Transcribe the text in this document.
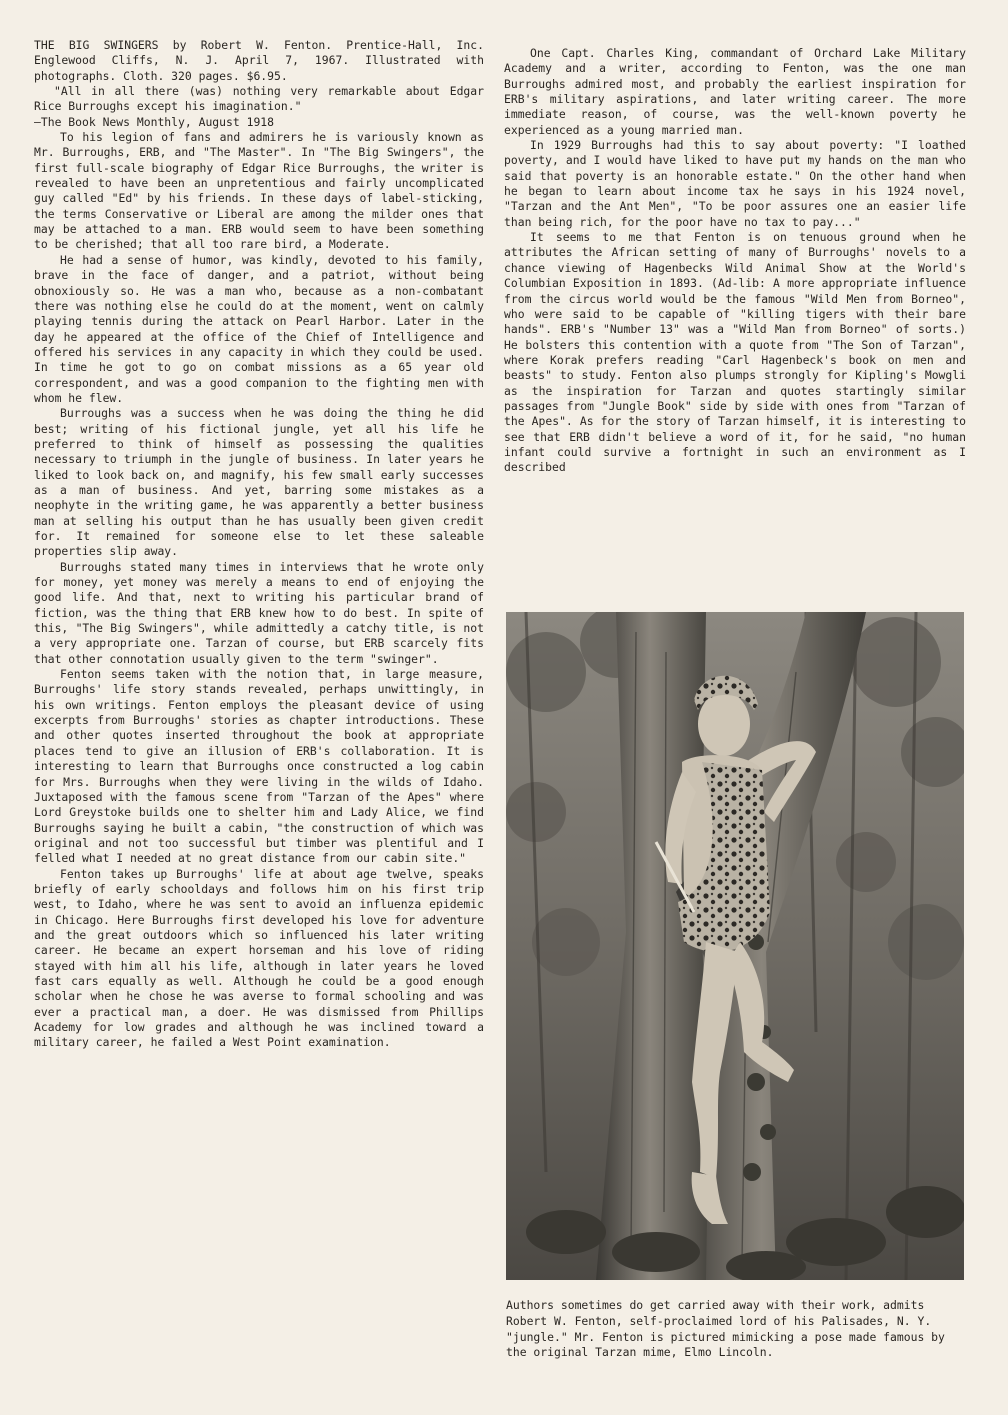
THE BIG SWINGERS by Robert W. Fenton. Prentice-Hall, Inc. Englewood Cliffs, N. J. April 7, 1967. Illustrated with photographs. Cloth. 320 pages. $6.95.

"All in all there (was) nothing very remarkable about Edgar Rice Burroughs except his imagination."

—The Book News Monthly, August 1918

To his legion of fans and admirers he is variously known as Mr. Burroughs, ERB, and "The Master". In "The Big Swingers", the first full-scale biography of Edgar Rice Burroughs, the writer is revealed to have been an unpretentious and fairly uncomplicated guy called "Ed" by his friends. In these days of label-sticking, the terms Conservative or Liberal are among the milder ones that may be attached to a man. ERB would seem to have been something to be cherished; that all too rare bird, a Moderate.

He had a sense of humor, was kindly, devoted to his family, brave in the face of danger, and a patriot, without being obnoxiously so. He was a man who, because as a non-combatant there was nothing else he could do at the moment, went on calmly playing tennis during the attack on Pearl Harbor. Later in the day he appeared at the office of the Chief of Intelligence and offered his services in any capacity in which they could be used. In time he got to go on combat missions as a 65 year old correspondent, and was a good companion to the fighting men with whom he flew.

Burroughs was a success when he was doing the thing he did best; writing of his fictional jungle, yet all his life he preferred to think of himself as possessing the qualities necessary to triumph in the jungle of business. In later years he liked to look back on, and magnify, his few small early successes as a man of business. And yet, barring some mistakes as a neophyte in the writing game, he was apparently a better business man at selling his output than he has usually been given credit for. It remained for someone else to let these saleable properties slip away.

Burroughs stated many times in interviews that he wrote only for money, yet money was merely a means to end of enjoying the good life. And that, next to writing his particular brand of fiction, was the thing that ERB knew how to do best. In spite of this, "The Big Swingers", while admittedly a catchy title, is not a very appropriate one. Tarzan of course, but ERB scarcely fits that other connotation usually given to the term "swinger".

Fenton seems taken with the notion that, in large measure, Burroughs' life story stands revealed, perhaps unwittingly, in his own writings. Fenton employs the pleasant device of using excerpts from Burroughs' stories as chapter introductions. These and other quotes inserted throughout the book at appropriate places tend to give an illusion of ERB's collaboration. It is interesting to learn that Burroughs once constructed a log cabin for Mrs. Burroughs when they were living in the wilds of Idaho. Juxtaposed with the famous scene from "Tarzan of the Apes" where Lord Greystoke builds one to shelter him and Lady Alice, we find Burroughs saying he built a cabin, "the construction of which was original and not too successful but timber was plentiful and I felled what I needed at no great distance from our cabin site."

Fenton takes up Burroughs' life at about age twelve, speaks briefly of early schooldays and follows him on his first trip west, to Idaho, where he was sent to avoid an influenza epidemic in Chicago. Here Burroughs first developed his love for adventure and the great outdoors which so influenced his later writing career. He became an expert horseman and his love of riding stayed with him all his life, although in later years he loved fast cars equally as well. Although he could be a good enough scholar when he chose he was averse to formal schooling and was ever a practical man, a doer. He was dismissed from Phillips Academy for low grades and although he was inclined toward a military career, he failed a West Point examination.

One Capt. Charles King, commandant of Orchard Lake Military Academy and a writer, according to Fenton, was the one man Burroughs admired most, and probably the earliest inspiration for ERB's military aspirations, and later writing career. The more immediate reason, of course, was the well-known poverty he experienced as a young married man.

In 1929 Burroughs had this to say about poverty: "I loathed poverty, and I would have liked to have put my hands on the man who said that poverty is an honorable estate." On the other hand when he began to learn about income tax he says in his 1924 novel, "Tarzan and the Ant Men", "To be poor assures one an easier life than being rich, for the poor have no tax to pay..."

It seems to me that Fenton is on tenuous ground when he attributes the African setting of many of Burroughs' novels to a chance viewing of Hagenbecks Wild Animal Show at the World's Columbian Exposition in 1893. (Ad-lib: A more appropriate influence from the circus world would be the famous "Wild Men from Borneo", who were said to be capable of "killing tigers with their bare hands". ERB's "Number 13" was a "Wild Man from Borneo" of sorts.) He bolsters this contention with a quote from "The Son of Tarzan", where Korak prefers reading "Carl Hagenbeck's book on men and beasts" to study. Fenton also plumps strongly for Kipling's Mowgli as the inspiration for Tarzan and quotes startingly similar passages from "Jungle Book" side by side with ones from "Tarzan of the Apes". As for the story of Tarzan himself, it is interesting to see that ERB didn't believe a word of it, for he said, "no human infant could survive a fortnight in such an environment as I described

Authors sometimes do get carried away with their work, admits Robert W. Fenton, self-proclaimed lord of his Palisades, N. Y. "jungle." Mr. Fenton is pictured mimicking a pose made famous by the original Tarzan mime, Elmo Lincoln.
